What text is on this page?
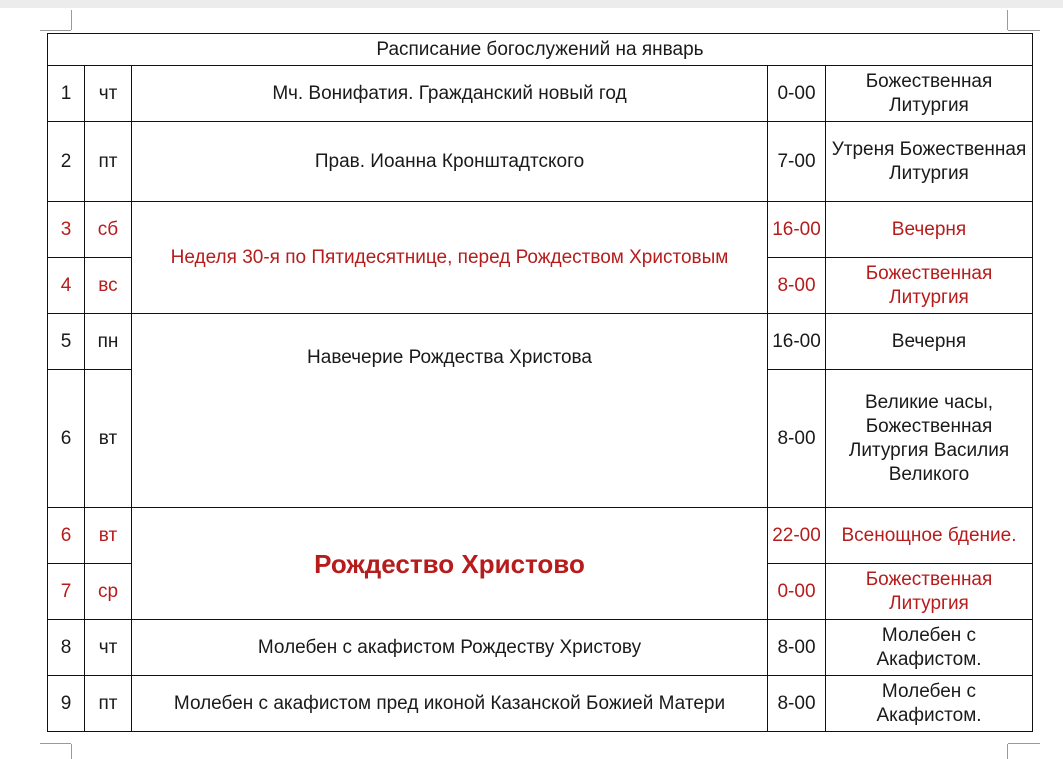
Расписание богослужений на январь				
1	чт	Мч. Вонифатия. Гражданский новый год	0-00	Божественная Литургия
2	пт	Прав. Иоанна Кронштадтского	7-00	Утреня Божественная Литургия
3	сб	Неделя 30-я по Пятидесятнице, перед Рождеством Христовым	16-00	Вечерня
4	вс		8-00	Божественная Литургия
5	пн	Навечерие Рождества Христова	16-00	Вечерня
6	вт		8-00	Великие часы, Божественная Литургия Василия Великого
6	вт	Рождество Христово	22-00	Всенощное бдение.
7	ср		0-00	Божественная Литургия
8	чт	Молебен с акафистом Рождеству Христову	8-00	Молебен с Акафистом.
9	пт	Молебен с акафистом пред иконой Казанской Божией Матери	8-00	Молебен с Акафистом.
